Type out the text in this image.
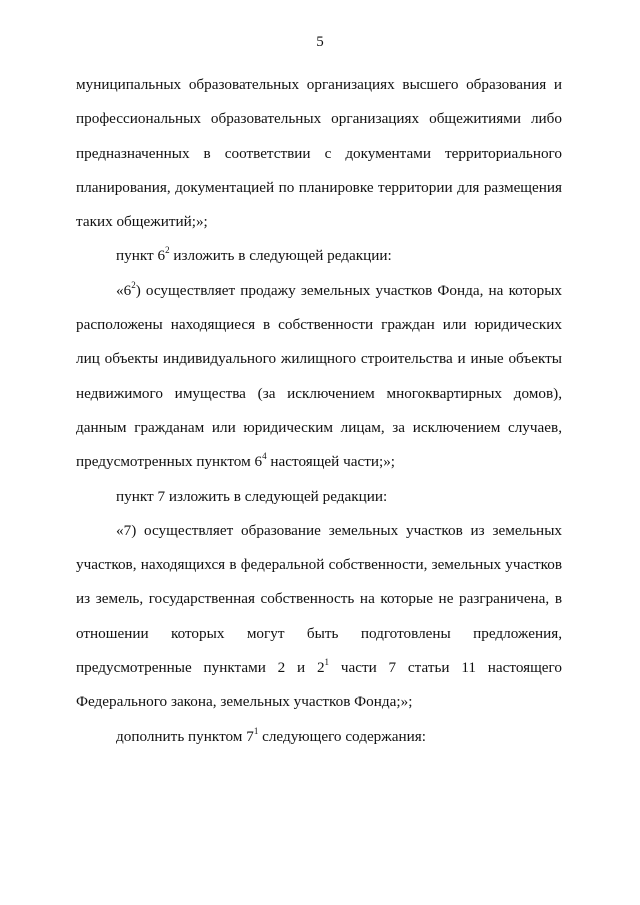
5

муниципальных образовательных организациях высшего образования и профессиональных образовательных организациях общежитиями либо предназначенных в соответствии с документами территориального планирования, документацией по планировке территории для размещения таких общежитий;»;

пункт $6^2$ изложить в следующей редакции:

«$6^2$) осуществляет продажу земельных участков Фонда, на которых расположены находящиеся в собственности граждан или юридических лиц объекты индивидуального жилищного строительства и иные объекты недвижимого имущества (за исключением многоквартирных домов), данным гражданам или юридическим лицам, за исключением случаев, предусмотренных пунктом $6^4$ настоящей части;»;

пункт 7 изложить в следующей редакции:

«7) осуществляет образование земельных участков из земельных участков, находящихся в федеральной собственности, земельных участков из земель, государственная собственность на которые не разграничена, в отношении которых могут быть подготовлены предложения, предусмотренные пунктами 2 и $2^1$ части 7 статьи 11 настоящего Федерального закона, земельных участков Фонда;»;

дополнить пунктом $7^1$ следующего содержания:
